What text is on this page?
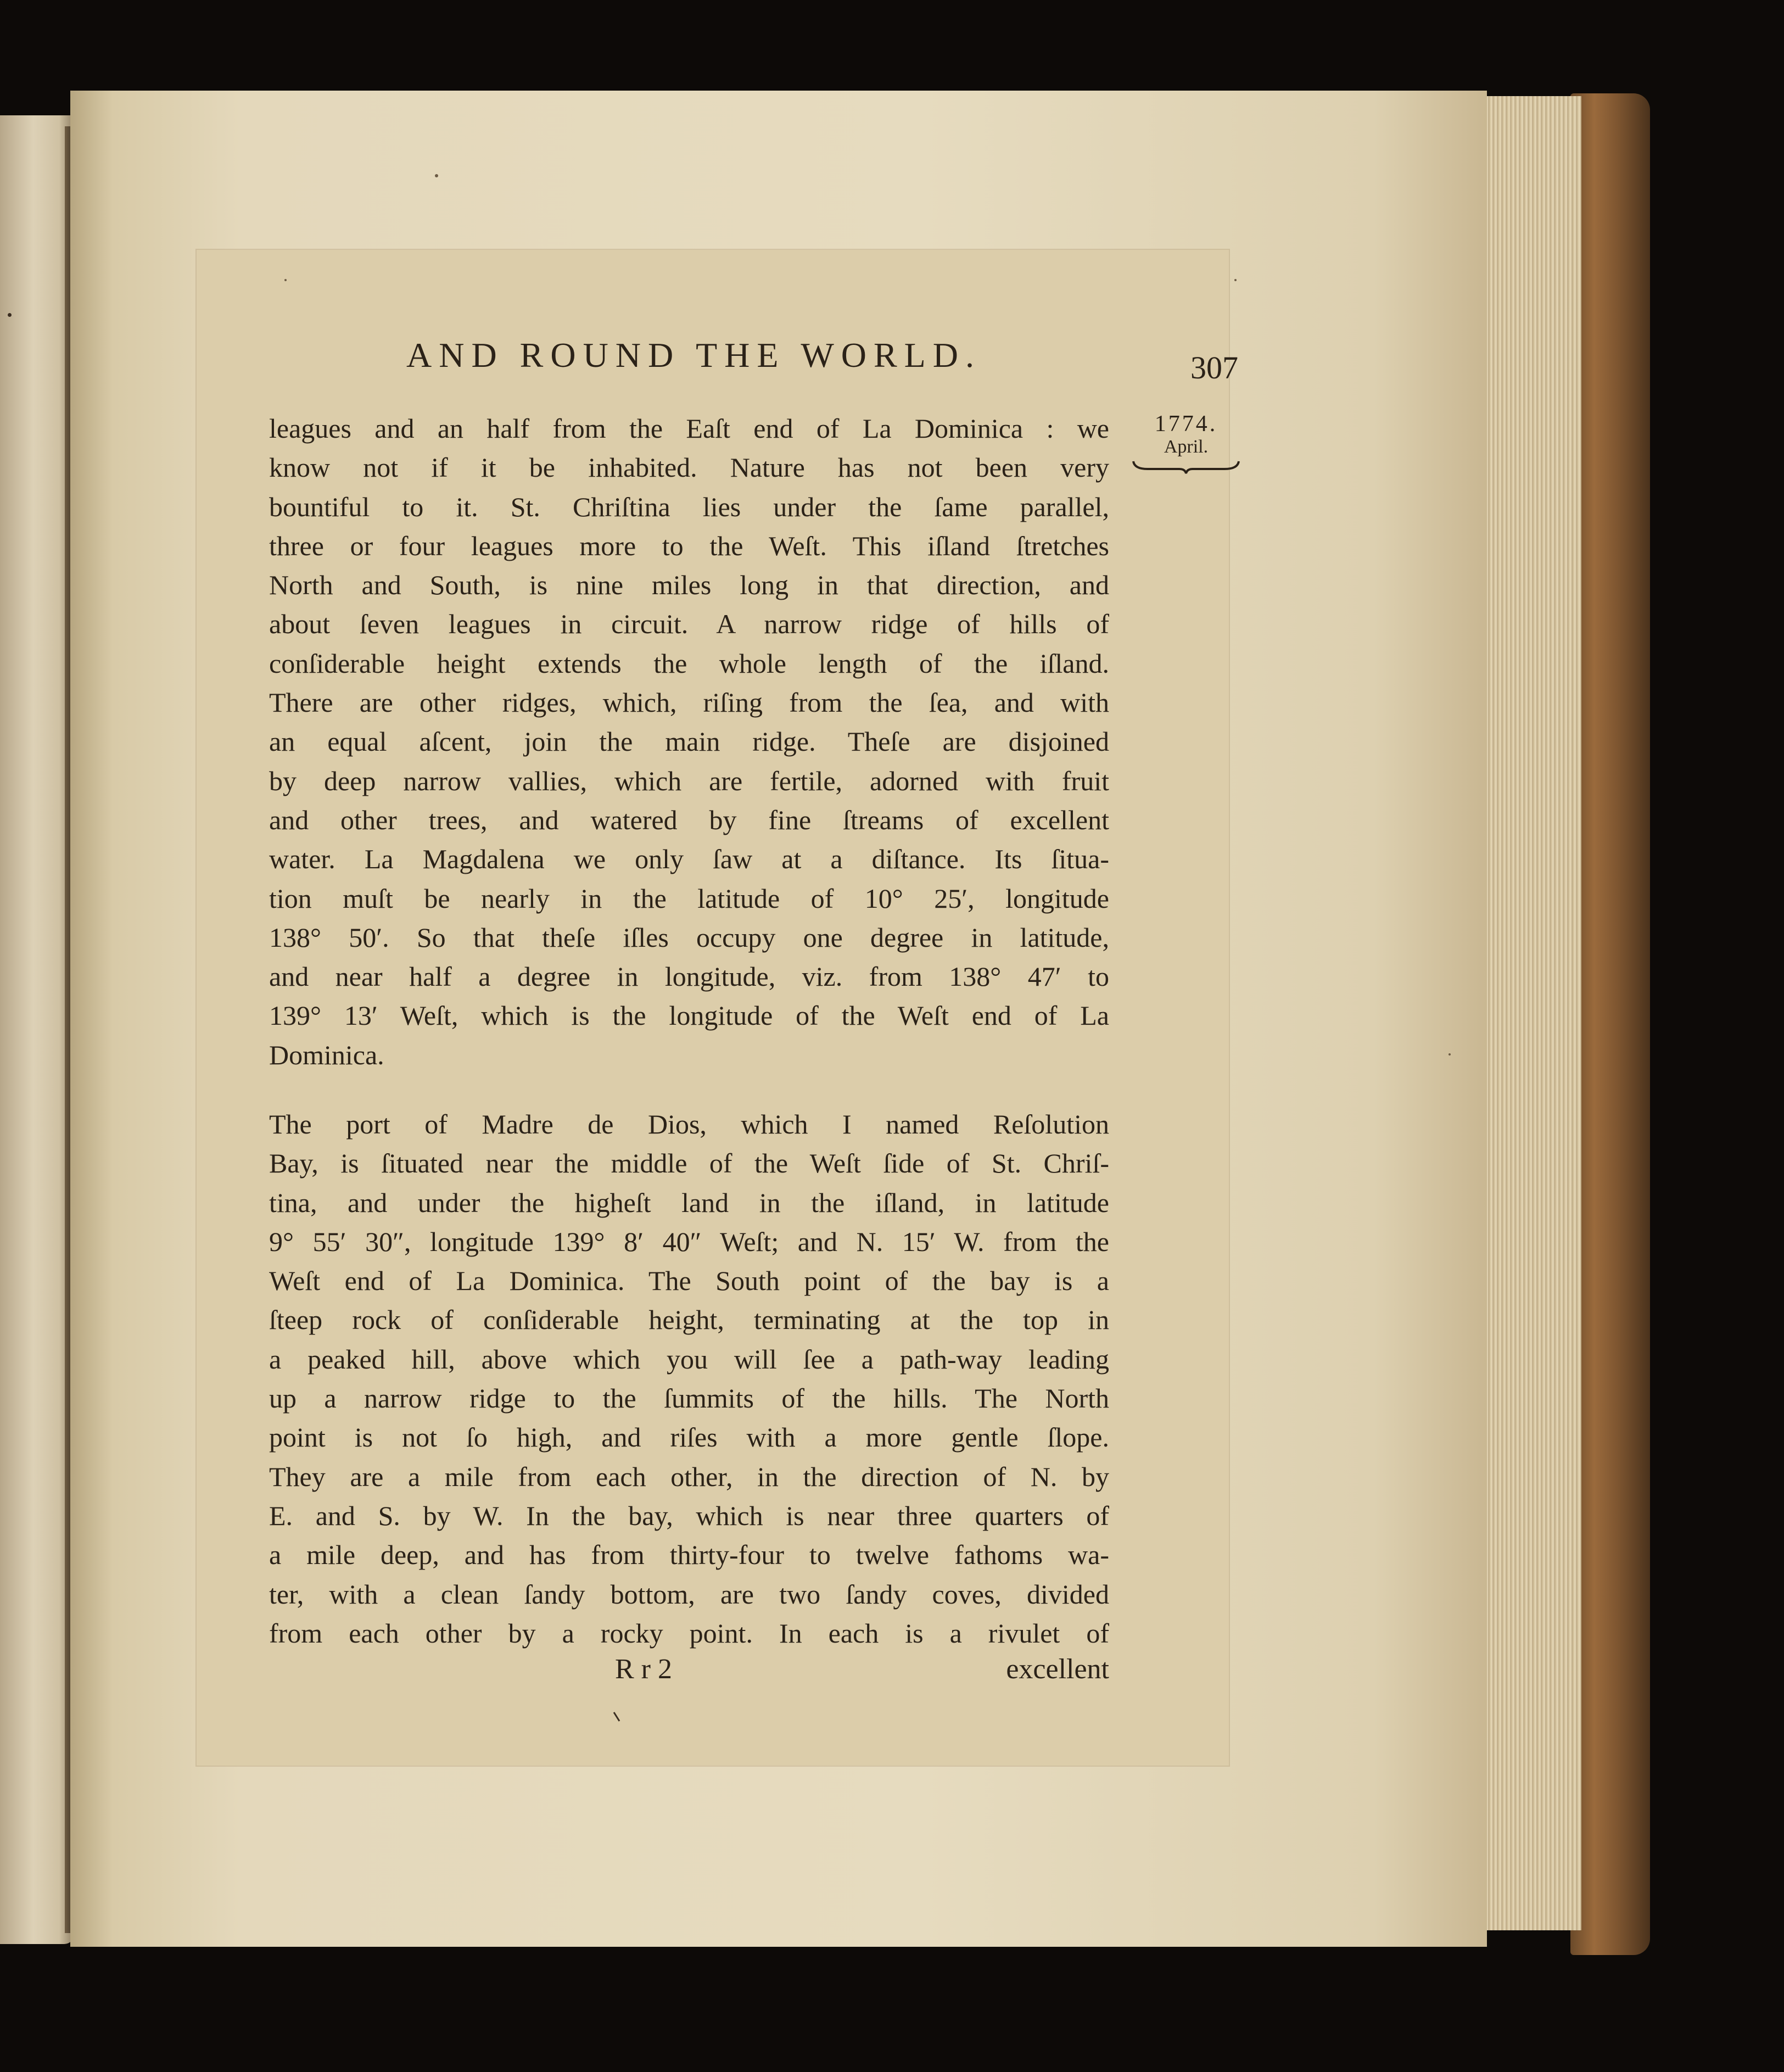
AND ROUND THE WORLD.	307
1774.
April.
leagues and an half from the Eaſt end of La Dominica : we
know not if it be inhabited. Nature has not been very
bountiful to it. St. Chriſtina lies under the ſame parallel,
three or four leagues more to the Weſt. This iſland ſtretches
North and South, is nine miles long in that direction, and
about ſeven leagues in circuit. A narrow ridge of hills of
conſiderable height extends the whole length of the iſland.
There are other ridges, which, riſing from the ſea, and with
an equal aſcent, join the main ridge. Theſe are disjoined
by deep narrow vallies, which are fertile, adorned with fruit
and other trees, and watered by fine ſtreams of excellent
water. La Magdalena we only ſaw at a diſtance. Its ſitua-
tion muſt be nearly in the latitude of 10° 25′, longitude
138° 50′. So that theſe iſles occupy one degree in latitude,
and near half a degree in longitude, viz. from 138° 47′ to
139° 13′ Weſt, which is the longitude of the Weſt end of La
Dominica.
The port of Madre de Dios, which I named Reſolution
Bay, is ſituated near the middle of the Weſt ſide of St. Chriſ-
tina, and under the higheſt land in the iſland, in latitude
9° 55′ 30″, longitude 139° 8′ 40″ Weſt; and N. 15′ W. from the
Weſt end of La Dominica. The South point of the bay is a
ſteep rock of conſiderable height, terminating at the top in
a peaked hill, above which you will ſee a path-way leading
up a narrow ridge to the ſummits of the hills. The North
point is not ſo high, and riſes with a more gentle ſlope.
They are a mile from each other, in the direction of N. by
E. and S. by W. In the bay, which is near three quarters of
a mile deep, and has from thirty-four to twelve fathoms wa-
ter, with a clean ſandy bottom, are two ſandy coves, divided
from each other by a rocky point. In each is a rivulet of
R r 2	excellent
